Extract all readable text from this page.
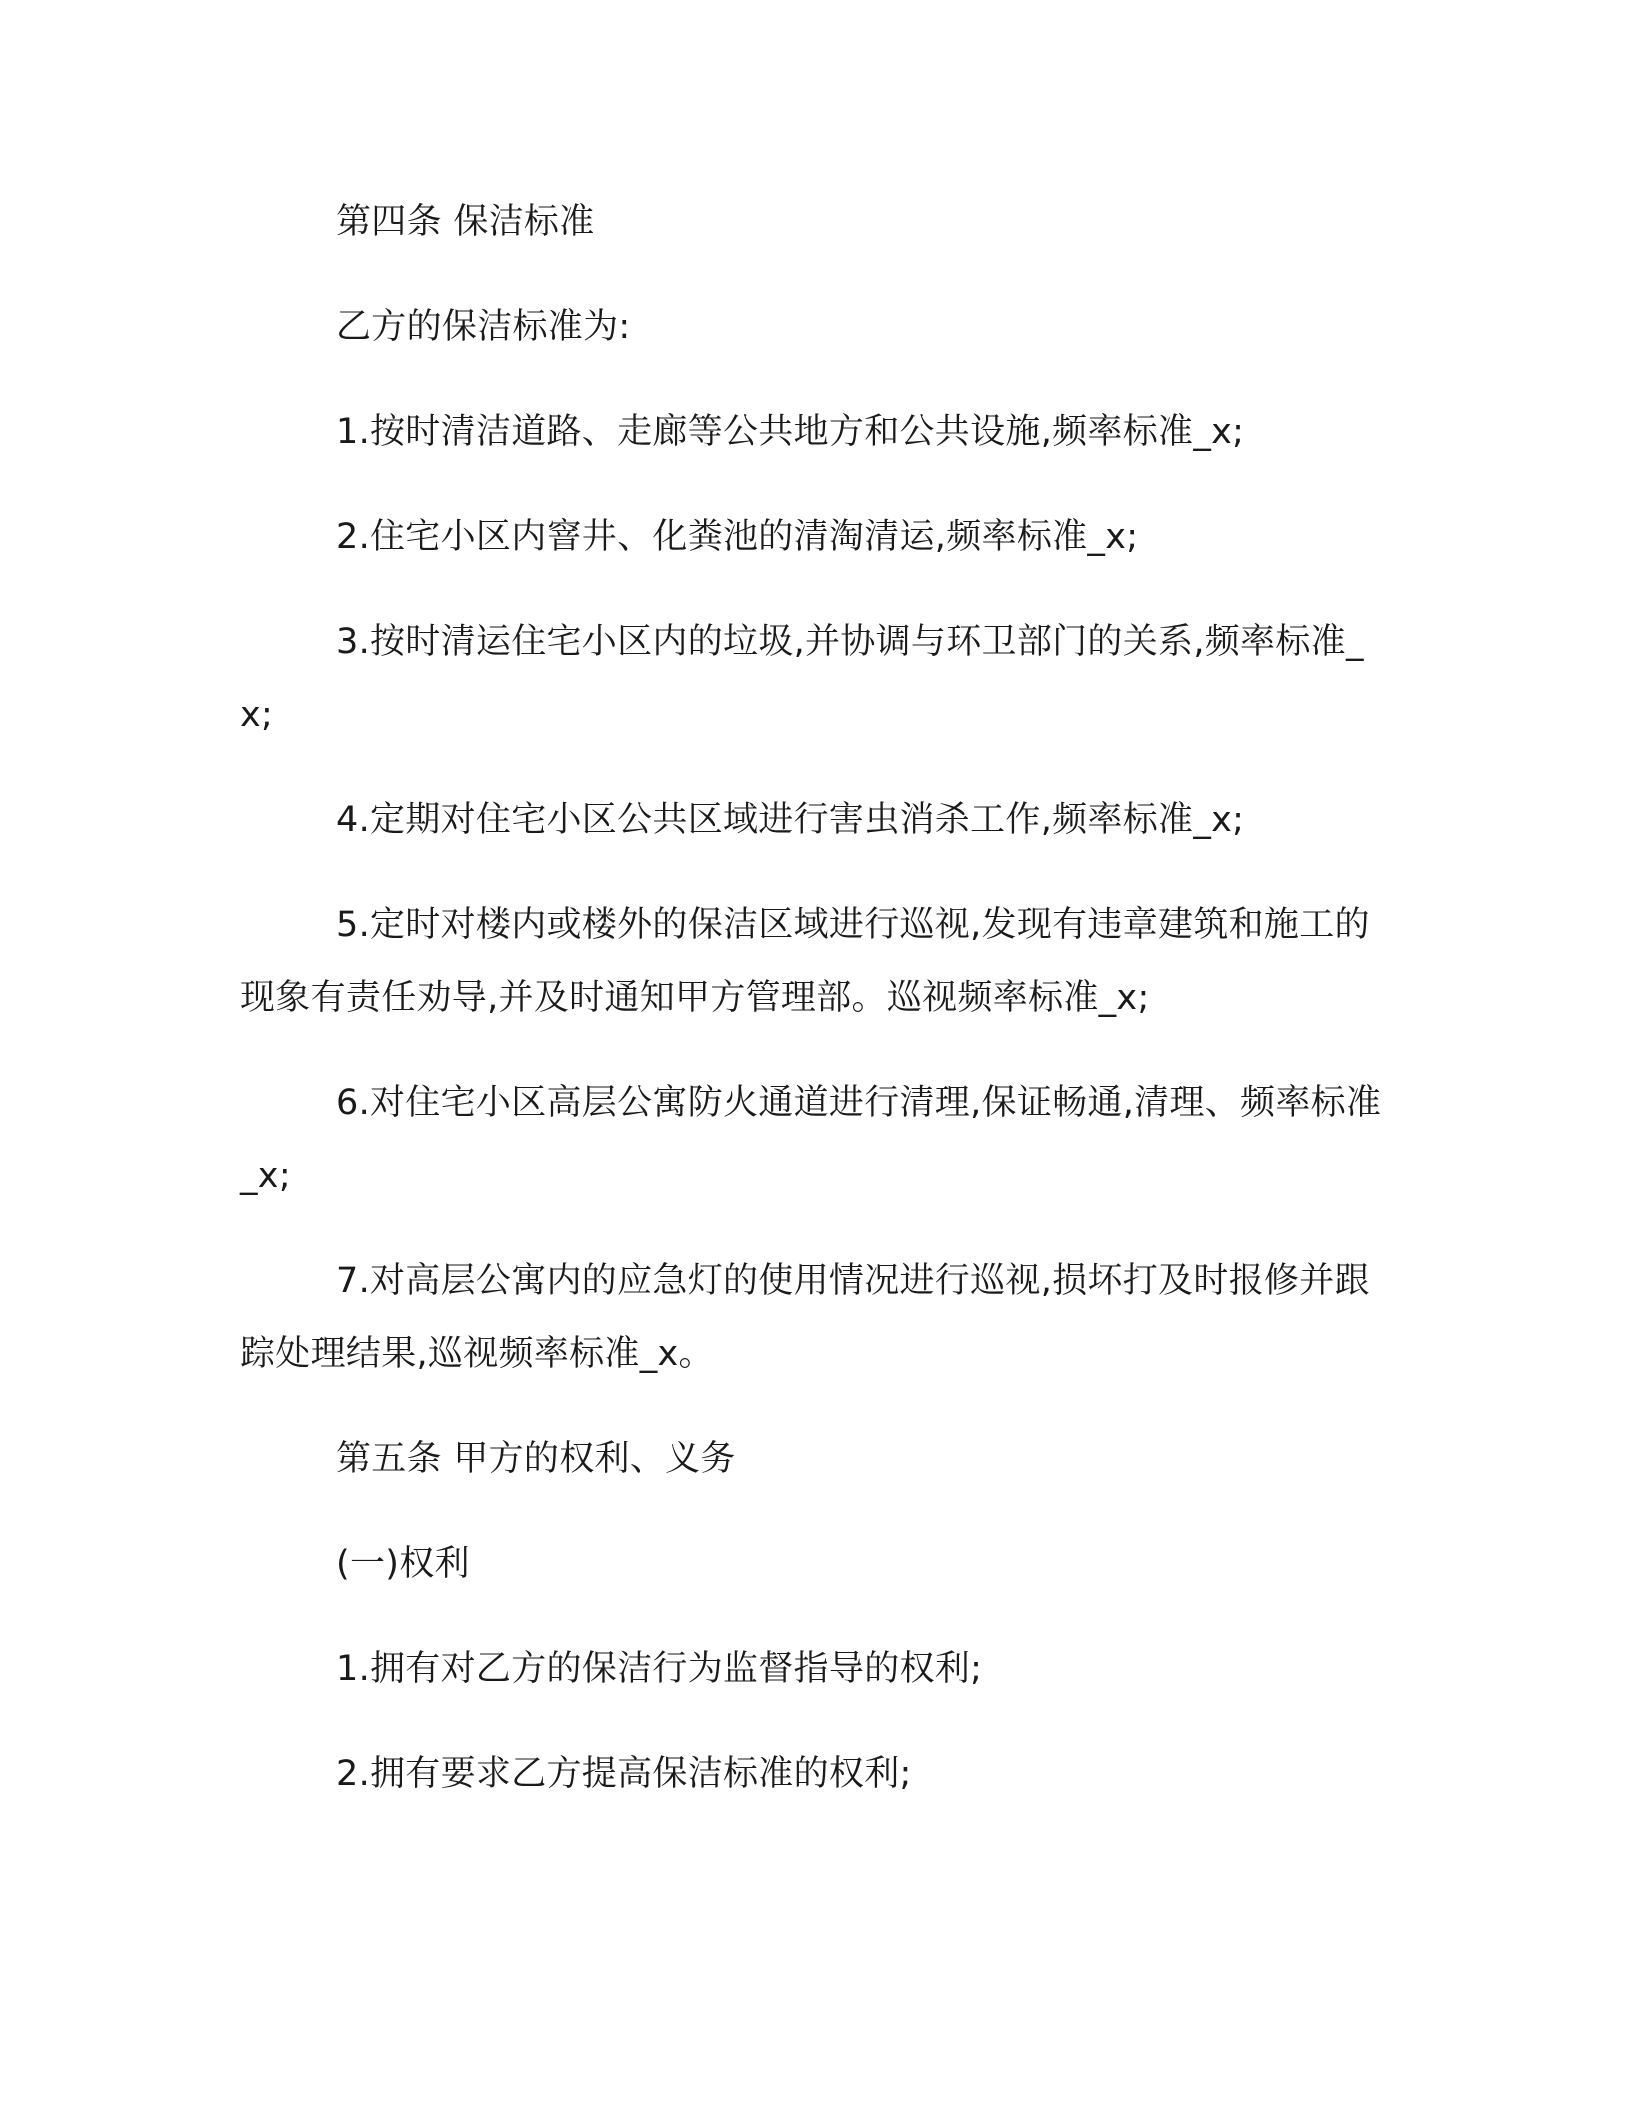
第四条 保洁标准

乙方的保洁标准为:

1.按时清洁道路、走廊等公共地方和公共设施,频率标准_x;

2.住宅小区内窨井、化粪池的清淘清运,频率标准_x;

3.按时清运住宅小区内的垃圾,并协调与环卫部门的关系,频率标准_x;

4.定期对住宅小区公共区域进行害虫消杀工作,频率标准_x;

5.定时对楼内或楼外的保洁区域进行巡视,发现有违章建筑和施工的现象有责任劝导,并及时通知甲方管理部。巡视频率标准_x;

6.对住宅小区高层公寓防火通道进行清理,保证畅通,清理、频率标准_x;

7.对高层公寓内的应急灯的使用情况进行巡视,损坏打及时报修并跟踪处理结果,巡视频率标准_x。

第五条 甲方的权利、义务

(一)权利

1.拥有对乙方的保洁行为监督指导的权利;

2.拥有要求乙方提高保洁标准的权利;
